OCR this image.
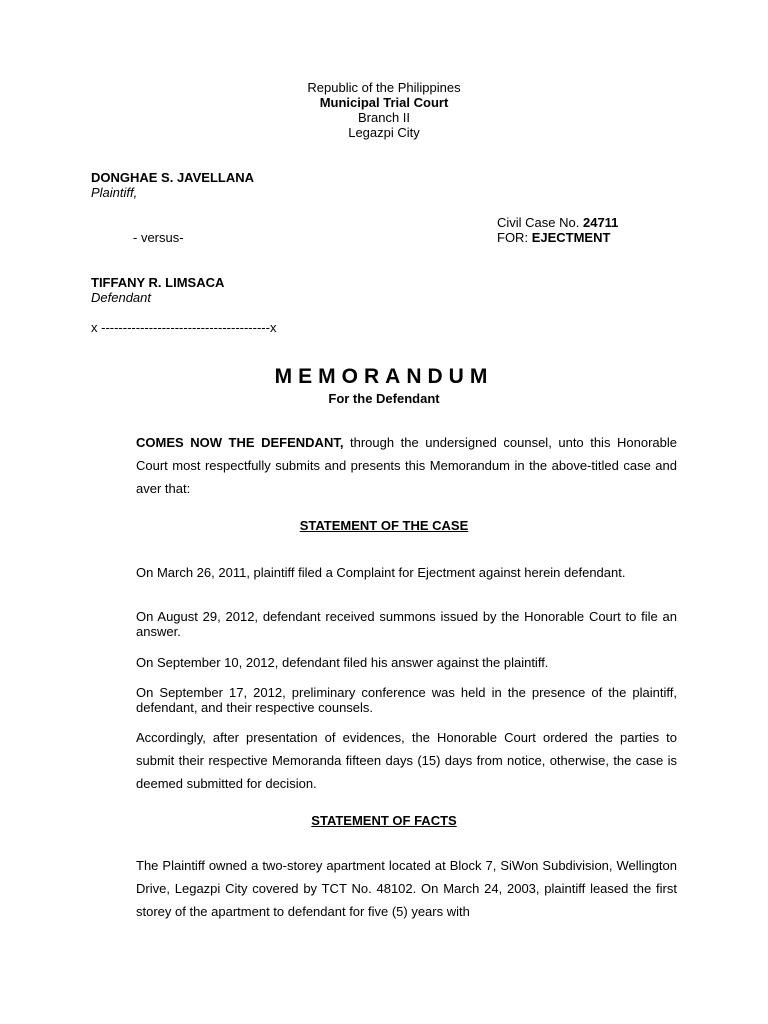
Republic of the Philippines
Municipal Trial Court
Branch II
Legazpi City
DONGHAE S. JAVELLANA
Plaintiff,
Civil Case No. 24711
- versus-	FOR: EJECTMENT
TIFFANY R. LIMSACA
Defendant
x ---------------------------------------x
MEMORANDUM
For the Defendant
COMES NOW THE DEFENDANT, through the undersigned counsel, unto this Honorable Court most respectfully submits and presents this Memorandum in the above-titled case and aver that:
STATEMENT OF THE CASE
On March 26, 2011, plaintiff filed a Complaint for Ejectment against herein defendant.
On August 29, 2012, defendant received summons issued by the Honorable Court to file an answer.
On September 10, 2012, defendant filed his answer against the plaintiff.
On September 17, 2012, preliminary conference was held in the presence of the plaintiff, defendant, and their respective counsels.
Accordingly, after presentation of evidences, the Honorable Court ordered the parties to submit their respective Memoranda fifteen days (15) days from notice, otherwise, the case is deemed submitted for decision.
STATEMENT OF FACTS
The Plaintiff owned a two-storey apartment located at Block 7, SiWon Subdivision, Wellington Drive, Legazpi City covered by TCT No. 48102. On March 24, 2003, plaintiff leased the first storey of the apartment to defendant for five (5) years with
